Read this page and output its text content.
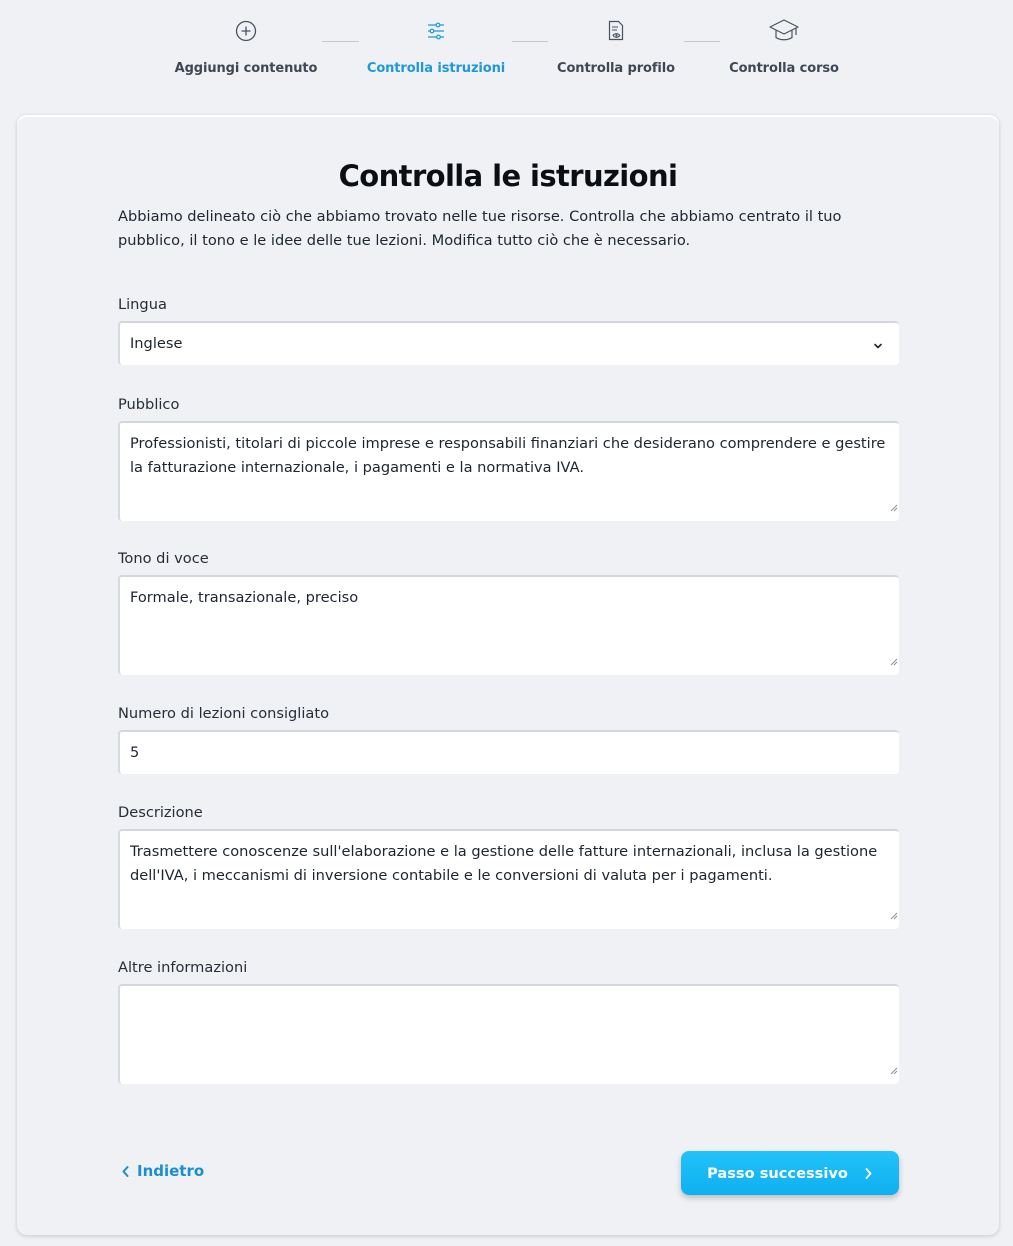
Aggiungi contenuto	Controlla istruzioni	Controlla profilo	Controlla corso
Controlla le istruzioni

Abbiamo delineato ciò che abbiamo trovato nelle tue risorse. Controlla che abbiamo centrato il tuo pubblico, il tono e le idee delle tue lezioni. Modifica tutto ciò che è necessario.

Lingua
Inglese
Pubblico
Professionisti, titolari di piccole imprese e responsabili finanziari che desiderano comprendere e gestire la fatturazione internazionale, i pagamenti e la normativa IVA.
Tono di voce
Formale, transazionale, preciso
Numero di lezioni consigliato
5
Descrizione
Trasmettere conoscenze sull'elaborazione e la gestione delle fatture internazionali, inclusa la gestione dell'IVA, i meccanismi di inversione contabile e le conversioni di valuta per i pagamenti.
Altre informazioni
Indietro	Passo successivo
